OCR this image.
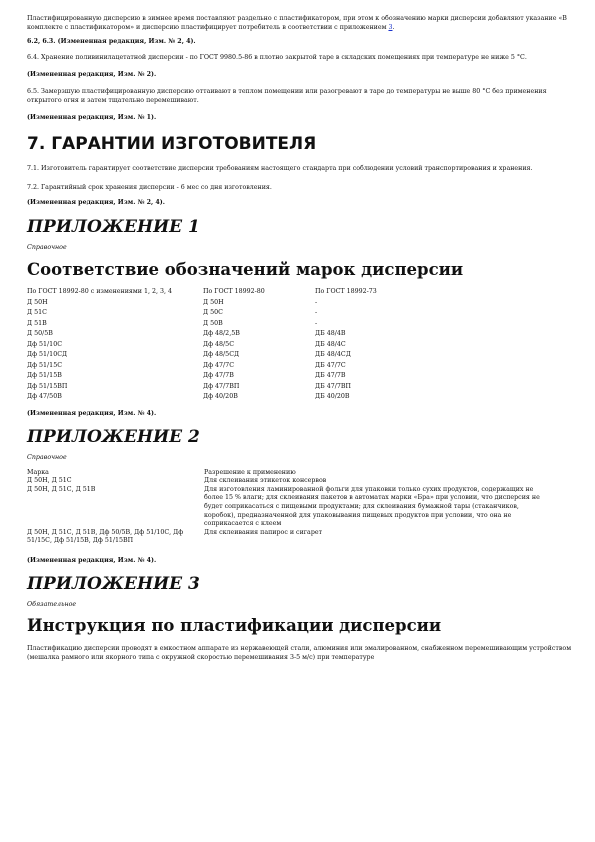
Пластифицированную дисперсию в зимнее время поставляют раздельно с пластификатором, при этом к обозначению марки дисперсии добавляют указание «В комплекте с пластификатором» и дисперсию пластифицирует потребитель в соответствии с приложением 3.

6.2, 6.3. (Измененная редакция, Изм. № 2, 4).

6.4. Хранение поливинилацетатной дисперсии - по ГОСТ 9980.5-86 в плотно закрытой таре в складских помещениях при температуре не ниже 5 °С.

(Измененная редакция, Изм. № 2).

6.5. Замерзшую пластифицированную дисперсию оттаивают в теплом помещении или разогревают в таре до температуры не выше 80 °С без применения открытого огня и затем тщательно перемешивают.

(Измененная редакция, Изм. № 1).

7. ГАРАНТИИ ИЗГОТОВИТЕЛЯ

7.1. Изготовитель гарантирует соответствие дисперсии требованиям настоящего стандарта при соблюдении условий транспортирования и хранения.

7.2. Гарантийный срок хранения дисперсии - 6 мес со дня изготовления.

(Измененная редакция, Изм. № 2, 4).

ПРИЛОЖЕНИЕ 1

Справочное

Соответствие обозначений марок дисперсии
По ГОСТ 18992-80 с изменениями 1, 2, 3, 4	По ГОСТ 18992-80	По ГОСТ 18992-73
Д 50Н	Д 50Н	-
Д 51С	Д 50С	-
Д 51В	Д 50В	-
Д 50/5В	Дф 48/2,5В	ДБ 48/4В
Дф 51/10С	Дф 48/5С	ДБ 48/4С
Дф 51/10СД	Дф 48/5СД	ДБ 48/4СД
Дф 51/15С	Дф 47/7С	ДБ 47/7С
Дф 51/15В	Дф 47/7В	ДБ 47/7В
Дф 51/15ВП	Дф 47/7ВП	ДБ 47/7ВП
Дф 47/50В	Дф 40/20В	ДБ 40/20В

(Измененная редакция, Изм. № 4).

ПРИЛОЖЕНИЕ 2

Справочное

Марка	Разрешение к применению
Д 50Н, Д 51С	Для склеивания этикеток консервов
Д 50Н, Д 51С, Д 51В	Для изготовления ламинированной фольги для упаковки только сухих продуктов, содержащих не более 15 % влаги; для склеивания пакетов в автоматах марки «Бра» при условии, что дисперсия не будет соприкасаться с пищевыми продуктами; для склеивания бумажной тары (стаканчиков, коробок), предназначенной для упаковывания пищевых продуктов при условии, что она не соприкасается с клеем
Д 50Н, Д 51С, Д 51В, Дф 50/5В, Дф 51/10С, Дф 51/15С, Дф 51/15В, Дф 51/15ВП	Для склеивания папирос и сигарет

(Измененная редакция, Изм. № 4).

ПРИЛОЖЕНИЕ 3

Обязательное

Инструкция по пластификации дисперсии

Пластификацию дисперсии проводят в емкостном аппарате из нержавеющей стали, алюминия или эмалированном, снабженном перемешивающим устройством (мешалка рамного или якорного типа с окружной скоростью перемешивания 3-5 м/с) при температуре
